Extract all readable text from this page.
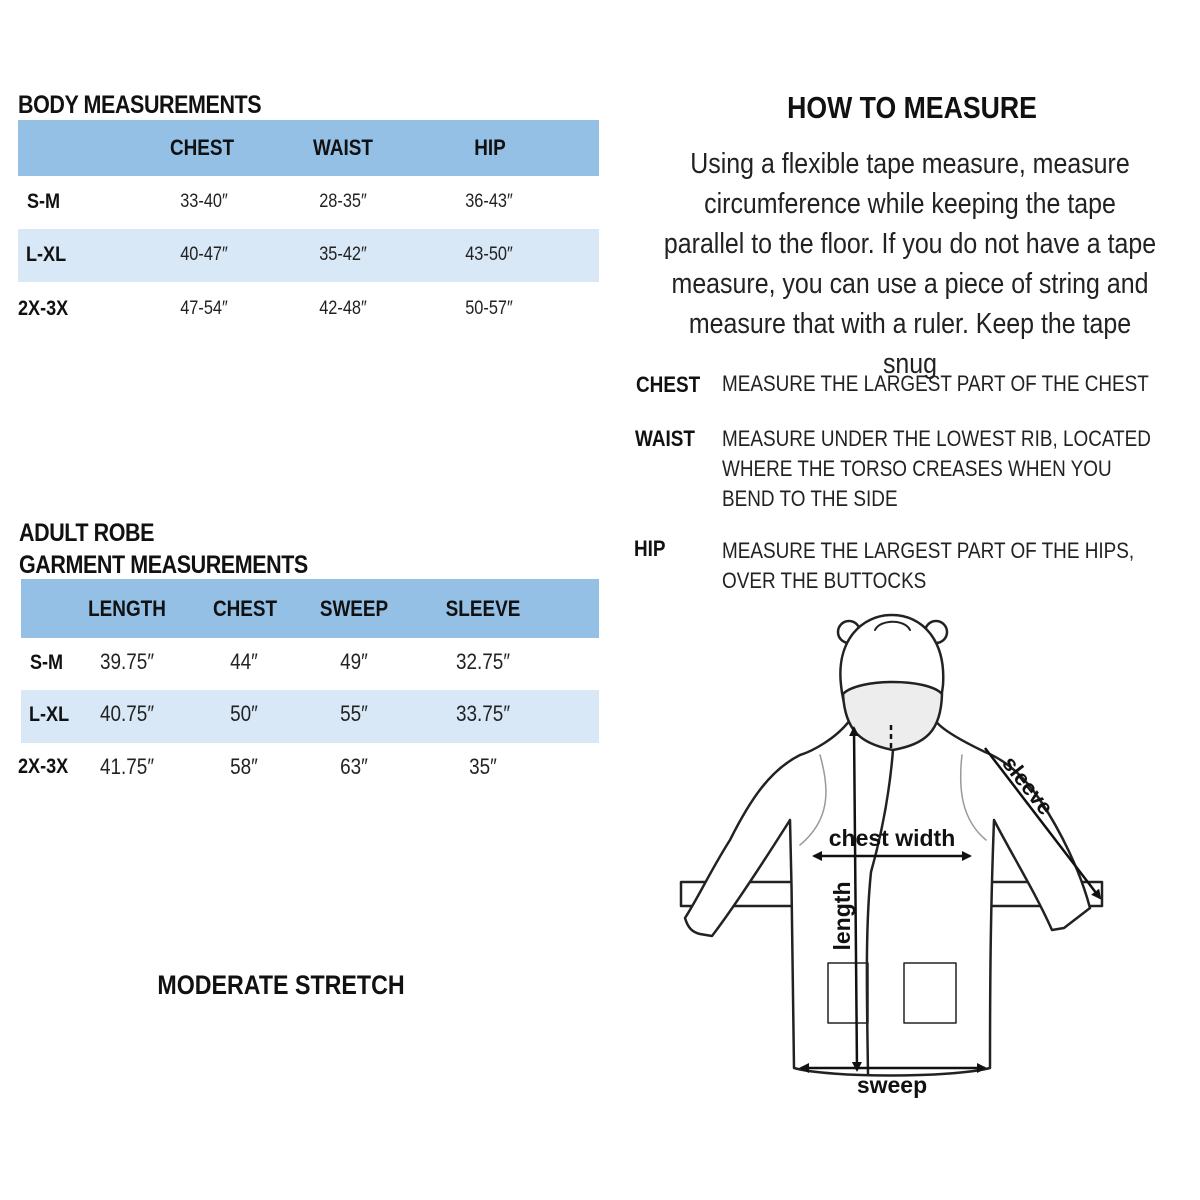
BODY MEASUREMENTS
CHEST	WAIST	HIP
S-M	33-40″	28-35″	36-43″
L-XL	40-47″	35-42″	43-50″
2X-3X	47-54″	42-48″	50-57″
ADULT ROBE
GARMENT MEASUREMENTS
LENGTH CHEST SWEEP	SLEEVE
S-M 39.75″	44″	49″	32.75″
L-XL 40.75″	50″	55″	33.75″
2X-3X 41.75″	58″	63″	35″
MODERATE STRETCH
HOW TO MEASURE
Using a flexible tape measure, measure circumference while keeping the tape parallel to the floor. If you do not have a tape measure, you can use a piece of string and measure that with a ruler. Keep the tape snug
CHEST MEASURE THE LARGEST PART OF THE CHEST
WAIST MEASURE UNDER THE LOWEST RIB, LOCATED WHERE THE TORSO CREASES WHEN YOU BEND TO THE SIDE
HIP	MEASURE THE LARGEST PART OF THE HIPS, OVER THE BUTTOCKS
chest width
length
sweep
sleeve
